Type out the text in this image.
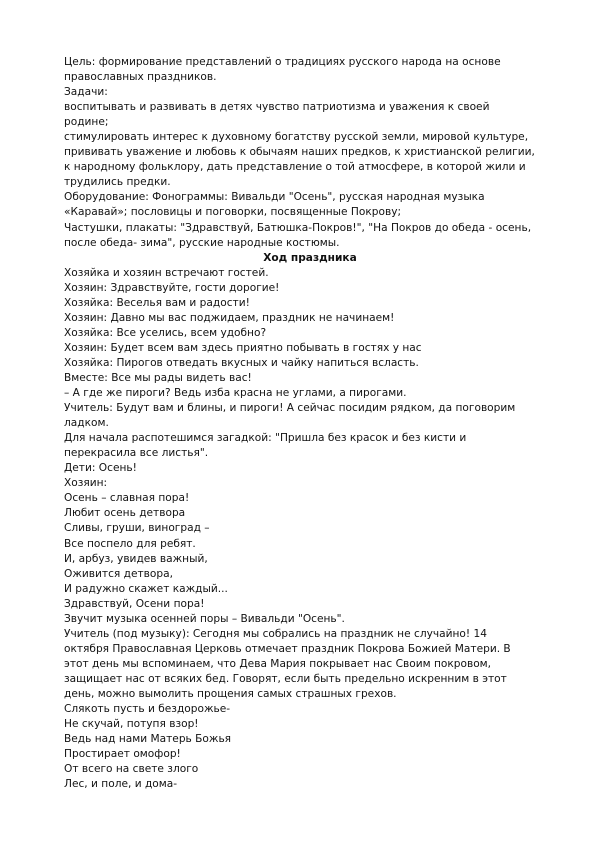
Цель: формирование представлений о традициях русского народа на основе
православных праздников.
Задачи:
воспитывать и развивать в детях чувство патриотизма и уважения к своей
родине;
стимулировать интерес к духовному богатству русской земли, мировой культуре,
прививать уважение и любовь к обычаям наших предков, к христианской религии,
к народному фольклору, дать представление о той атмосфере, в которой жили и
трудились предки.
Оборудование: Фонограммы: Вивальди "Осень", русская народная музыка
«Каравай»; пословицы и поговорки, посвященные Покрову;
Частушки, плакаты: "Здравствуй, Батюшка-Покров!", "На Покров до обеда - осень,
после обеда- зима", русские народные костюмы.
Ход праздника
Хозяйка и хозяин встречают гостей.
Хозяин: Здравствуйте, гости дорогие!
Хозяйка: Веселья вам и радости!
Хозяин: Давно мы вас поджидаем, праздник не начинаем!
Хозяйка: Все уселись, всем удобно?
Хозяин: Будет всем вам здесь приятно побывать в гостях у нас
Хозяйка: Пирогов отведать вкусных и чайку напиться всласть.
Вместе: Все мы рады видеть вас!
– А где же пироги? Ведь изба красна не углами, а пирогами.
Учитель: Будут вам и блины, и пироги! А сейчас посидим рядком, да поговорим
ладком.
Для начала распотешимся загадкой: "Пришла без красок и без кисти и
перекрасила все листья".
Дети: Осень!
Хозяин:
Осень – славная пора!
Любит осень детвора
Сливы, груши, виноград –
Все поспело для ребят.
И, арбуз, увидев важный,
Оживится детвора,
И радужно скажет каждый...
Здравствуй, Осени пора!
Звучит музыка осенней поры – Вивальди "Осень".
Учитель (под музыку): Сегодня мы собрались на праздник не случайно! 14
октября Православная Церковь отмечает праздник Покрова Божией Матери. В
этот день мы вспоминаем, что Дева Мария покрывает нас Своим покровом,
защищает нас от всяких бед. Говорят, если быть предельно искренним в этот
день, можно вымолить прощения самых страшных грехов.
Слякоть пусть и бездорожье-
Не скучай, потупя взор!
Ведь над нами Матерь Божья
Простирает омофор!
От всего на свете злого
Лес, и поле, и дома-
